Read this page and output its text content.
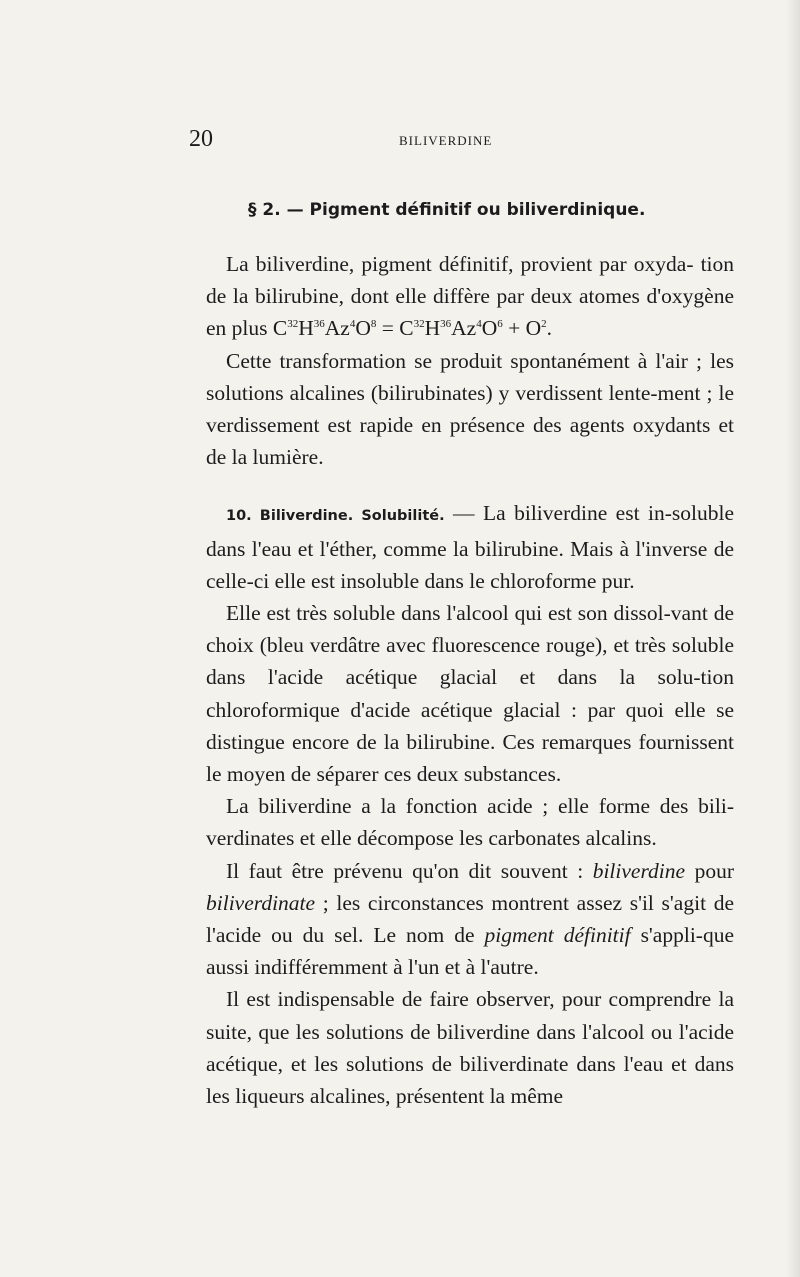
20	BILIVERDINE
§ 2. — Pigment définitif ou biliverdinique.

La biliverdine, pigment définitif, provient par oxyda- tion de la bilirubine, dont elle diffère par deux atomes d'oxygène en plus $C^{32}H^{36}Az^4O^8 = C^{32}H^{36}Az^4O^6 + O^2$.

Cette transformation se produit spontanément à l'air ; les solutions alcalines (bilirubinates) y verdissent lente-ment ; le verdissement est rapide en présence des agents oxydants et de la lumière.

10. Biliverdine. Solubilité. — La biliverdine est in-soluble dans l'eau et l'éther, comme la bilirubine. Mais à l'inverse de celle-ci elle est insoluble dans le chloroforme pur.

Elle est très soluble dans l'alcool qui est son dissol-vant de choix (bleu verdâtre avec fluorescence rouge), et très soluble dans l'acide acétique glacial et dans la solu-tion chloroformique d'acide acétique glacial : par quoi elle se distingue encore de la bilirubine. Ces remarques fournissent le moyen de séparer ces deux substances.

La biliverdine a la fonction acide ; elle forme des bili-verdinates et elle décompose les carbonates alcalins.

Il faut être prévenu qu'on dit souvent : biliverdine pour biliverdinate ; les circonstances montrent assez s'il s'agit de l'acide ou du sel. Le nom de pigment définitif s'appli-que aussi indifféremment à l'un et à l'autre.

Il est indispensable de faire observer, pour comprendre la suite, que les solutions de biliverdine dans l'alcool ou l'acide acétique, et les solutions de biliverdinate dans l'eau et dans les liqueurs alcalines, présentent la même
